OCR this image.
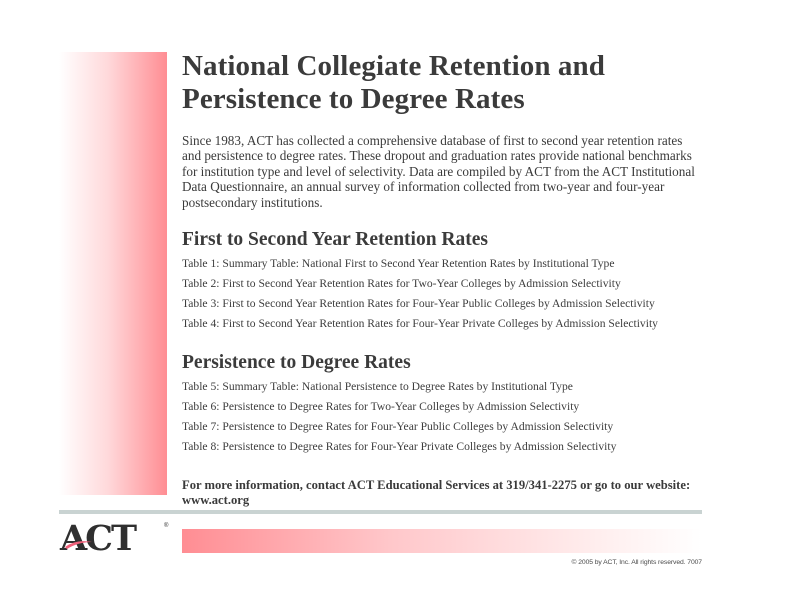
National Collegiate Retention and
Persistence to Degree Rates

Since 1983, ACT has collected a comprehensive database of first to second year retention rates and persistence to degree rates. These dropout and graduation rates provide national benchmarks for institution type and level of selectivity. Data are compiled by ACT from the ACT Institutional Data Questionnaire, an annual survey of information collected from two-year and four-year postsecondary institutions.

First to Second Year Retention Rates
Table 1: Summary Table: National First to Second Year Retention Rates by Institutional Type
Table 2: First to Second Year Retention Rates for Two-Year Colleges by Admission Selectivity
Table 3: First to Second Year Retention Rates for Four-Year Public Colleges by Admission Selectivity
Table 4: First to Second Year Retention Rates for Four-Year Private Colleges by Admission Selectivity
Persistence to Degree Rates
Table 5: Summary Table: National Persistence to Degree Rates by Institutional Type
Table 6: Persistence to Degree Rates for Two-Year Colleges by Admission Selectivity
Table 7: Persistence to Degree Rates for Four-Year Public Colleges by Admission Selectivity
Table 8: Persistence to Degree Rates for Four-Year Private Colleges by Admission Selectivity

For more information, contact ACT Educational Services at 319/341-2275 or go to our website: www.act.org

ACT	®
© 2005 by ACT, Inc. All rights reserved. 7007
